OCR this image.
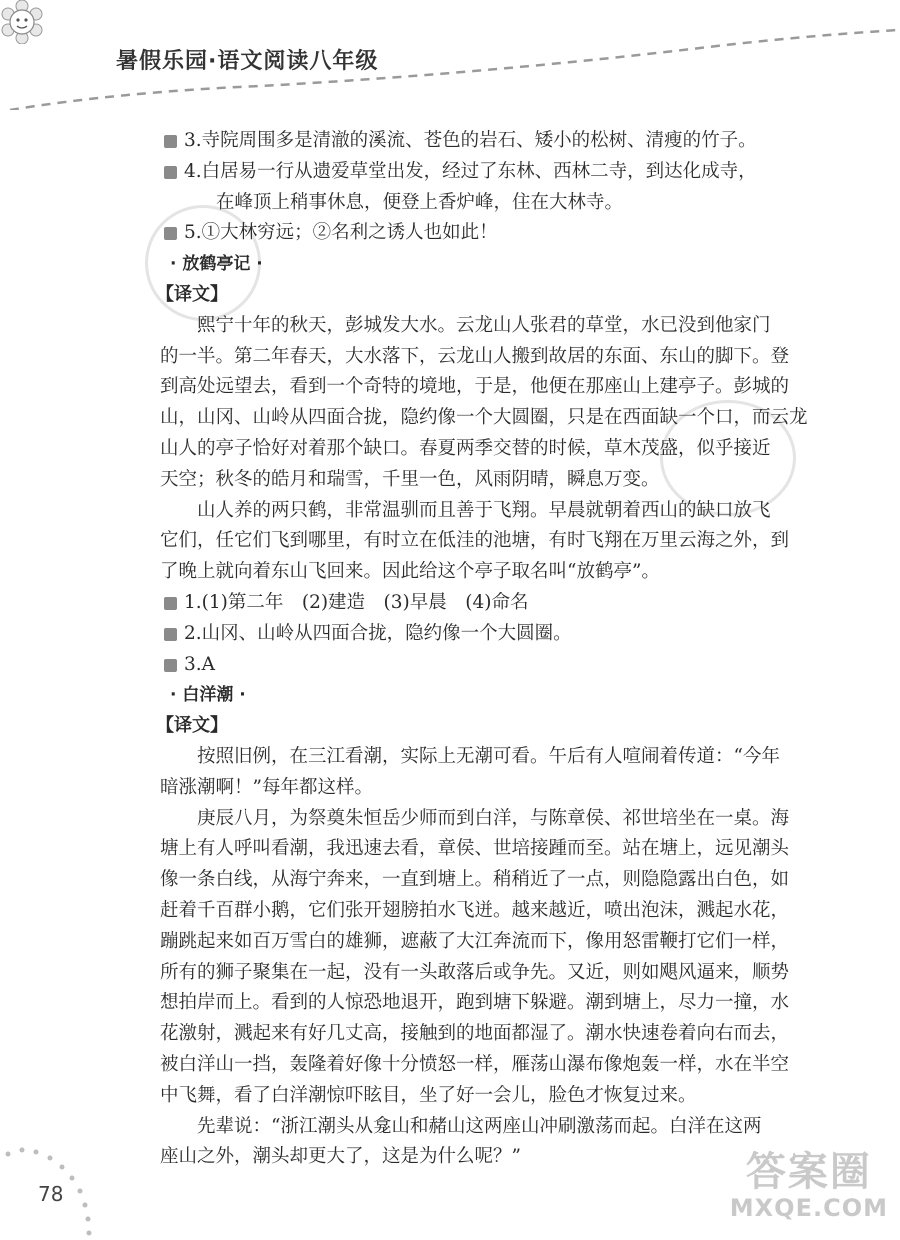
暑假乐园·语文阅读八年级
3.寺院周围多是清澈的溪流、苍色的岩石、矮小的松树、清瘦的竹子。
4.白居易一行从遗爱草堂出发，经过了东林、西林二寺，到达化成寺，
在峰顶上稍事休息，便登上香炉峰，住在大林寺。
5.①大林穷远；②名利之诱人也如此！
· 放鹤亭记 ·
【译文】
熙宁十年的秋天，彭城发大水。云龙山人张君的草堂，水已没到他家门
的一半。第二年春天，大水落下，云龙山人搬到故居的东面、东山的脚下。登
到高处远望去，看到一个奇特的境地，于是，他便在那座山上建亭子。彭城的
山，山冈、山岭从四面合拢，隐约像一个大圆圈，只是在西面缺一个口，而云龙
山人的亭子恰好对着那个缺口。春夏两季交替的时候，草木茂盛，似乎接近
天空；秋冬的皓月和瑞雪，千里一色，风雨阴晴，瞬息万变。
山人养的两只鹤，非常温驯而且善于飞翔。早晨就朝着西山的缺口放飞
它们，任它们飞到哪里，有时立在低洼的池塘，有时飞翔在万里云海之外，到
了晚上就向着东山飞回来。因此给这个亭子取名叫“放鹤亭”。
1.(1)第二年　(2)建造　(3)早晨　(4)命名
2.山冈、山岭从四面合拢，隐约像一个大圆圈。
3.A
· 白洋潮 ·
【译文】
按照旧例，在三江看潮，实际上无潮可看。午后有人喧闹着传道：“今年
暗涨潮啊！”每年都这样。
庚辰八月，为祭奠朱恒岳少师而到白洋，与陈章侯、祁世培坐在一桌。海
塘上有人呼叫看潮，我迅速去看，章侯、世培接踵而至。站在塘上，远见潮头
像一条白线，从海宁奔来，一直到塘上。稍稍近了一点，则隐隐露出白色，如
赶着千百群小鹅，它们张开翅膀拍水飞迸。越来越近，喷出泡沫，溅起水花，
蹦跳起来如百万雪白的雄狮，遮蔽了大江奔流而下，像用怒雷鞭打它们一样，
所有的狮子聚集在一起，没有一头敢落后或争先。又近，则如飓风逼来，顺势
想拍岸而上。看到的人惊恐地退开，跑到塘下躲避。潮到塘上，尽力一撞，水
花激射，溅起来有好几丈高，接触到的地面都湿了。潮水快速卷着向右而去，
被白洋山一挡，轰隆着好像十分愤怒一样，雁荡山瀑布像炮轰一样，水在半空
中飞舞，看了白洋潮惊吓眩目，坐了好一会儿，脸色才恢复过来。
先辈说：“浙江潮头从龛山和赭山这两座山冲刷激荡而起。白洋在这两
座山之外，潮头却更大了，这是为什么呢？”
78	答案圈
MXQE.COM
